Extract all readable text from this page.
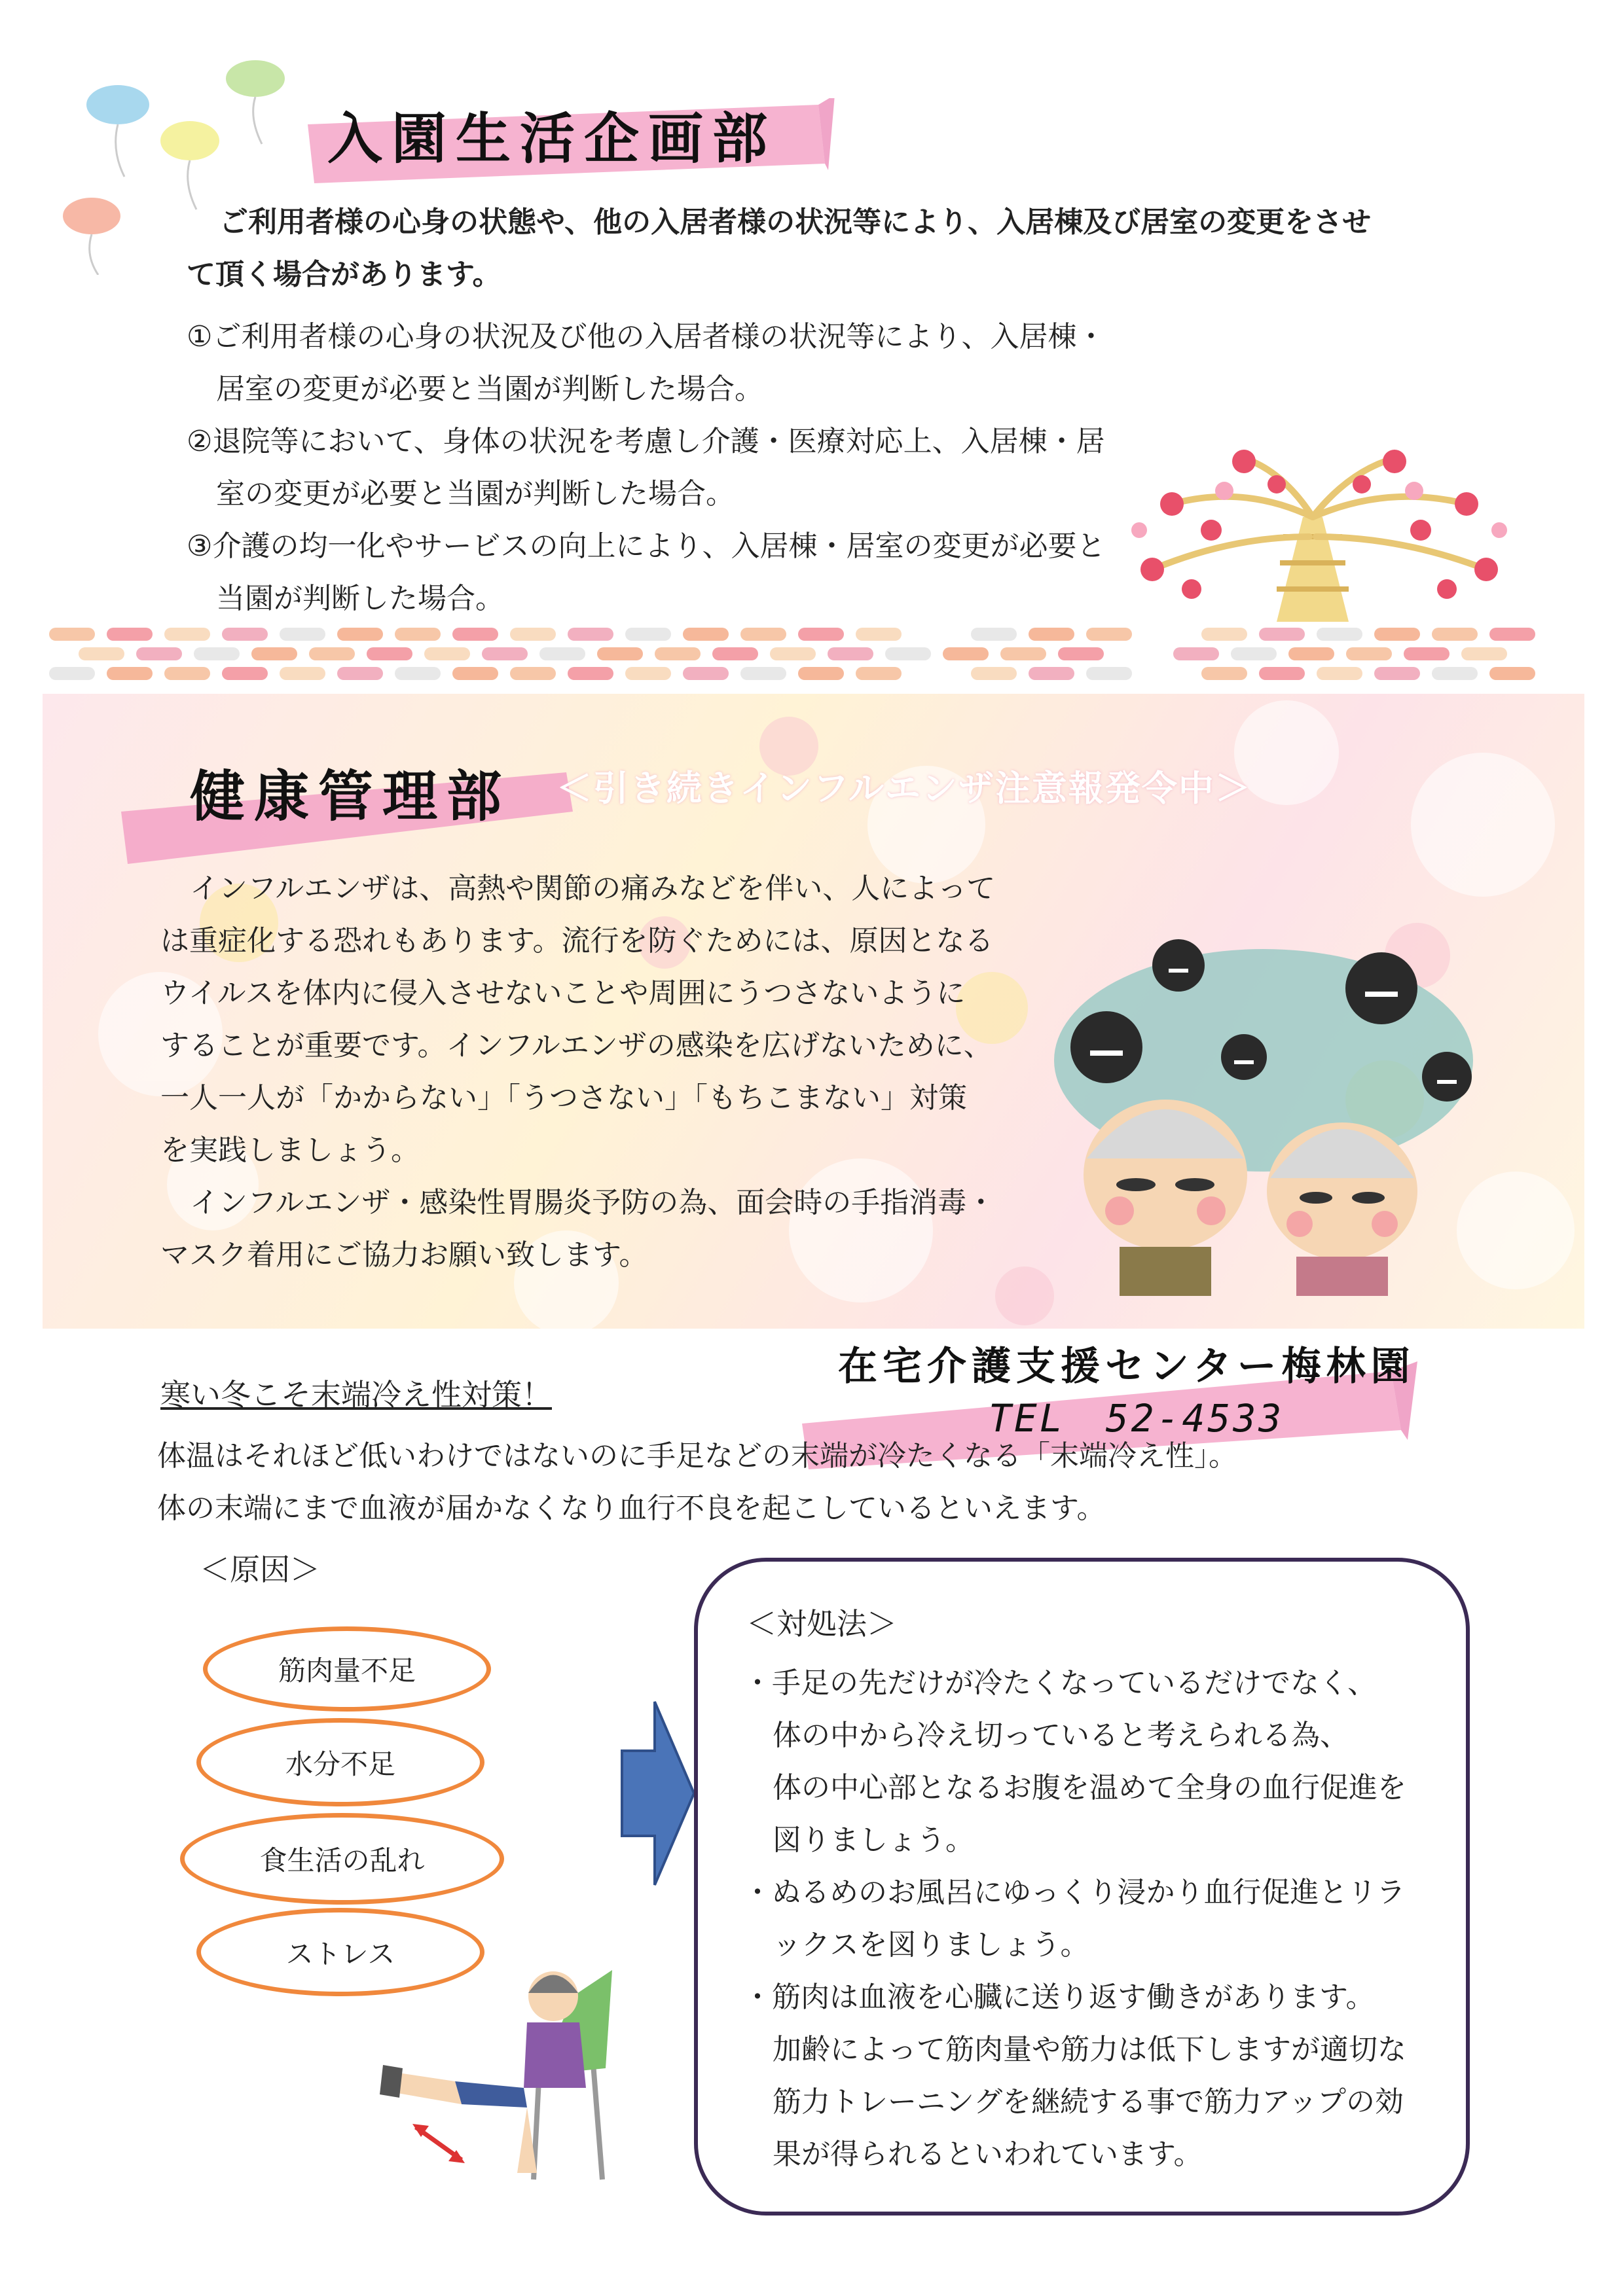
入園生活企画部
ご利用者様の心身の状態や、他の入居者様の状況等により、入居棟及び居室の変更をさせ
て頂く場合があります。
①ご利用者様の心身の状況及び他の入居者様の状況等により、入居棟・
居室の変更が必要と当園が判断した場合。
②退院等において、身体の状況を考慮し介護・医療対応上、入居棟・居
室の変更が必要と当園が判断した場合。
③介護の均一化やサービスの向上により、入居棟・居室の変更が必要と
当園が判断した場合。
健康管理部 ＜引き続きインフルエンザ注意報発令中＞
インフルエンザは、高熱や関節の痛みなどを伴い、人によって
は重症化する恐れもあります。流行を防ぐためには、原因となる
ウイルスを体内に侵入させないことや周囲にうつさないように
することが重要です。インフルエンザの感染を広げないために、
一人一人が「かからない」「うつさない」「もちこまない」対策
を実践しましょう。
インフルエンザ・感染性胃腸炎予防の為、面会時の手指消毒・
マスク着用にご協力お願い致します。
在宅介護支援センター梅林園
TEL　52-4533
寒い冬こそ末端冷え性対策！
体温はそれほど低いわけではないのに手足などの末端が冷たくなる「末端冷え性」。
体の末端にまで血液が届かなくなり血行不良を起こしているといえます。
＜原因＞
筋肉量不足
水分不足
食生活の乱れ
ストレス
＜対処法＞
・手足の先だけが冷たくなっているだけでなく、
体の中から冷え切っていると考えられる為、
体の中心部となるお腹を温めて全身の血行促進を
図りましょう。
・ぬるめのお風呂にゆっくり浸かり血行促進とリラ
ックスを図りましょう。
・筋肉は血液を心臓に送り返す働きがあります。
加齢によって筋肉量や筋力は低下しますが適切な
筋力トレーニングを継続する事で筋力アップの効
果が得られるといわれています。
